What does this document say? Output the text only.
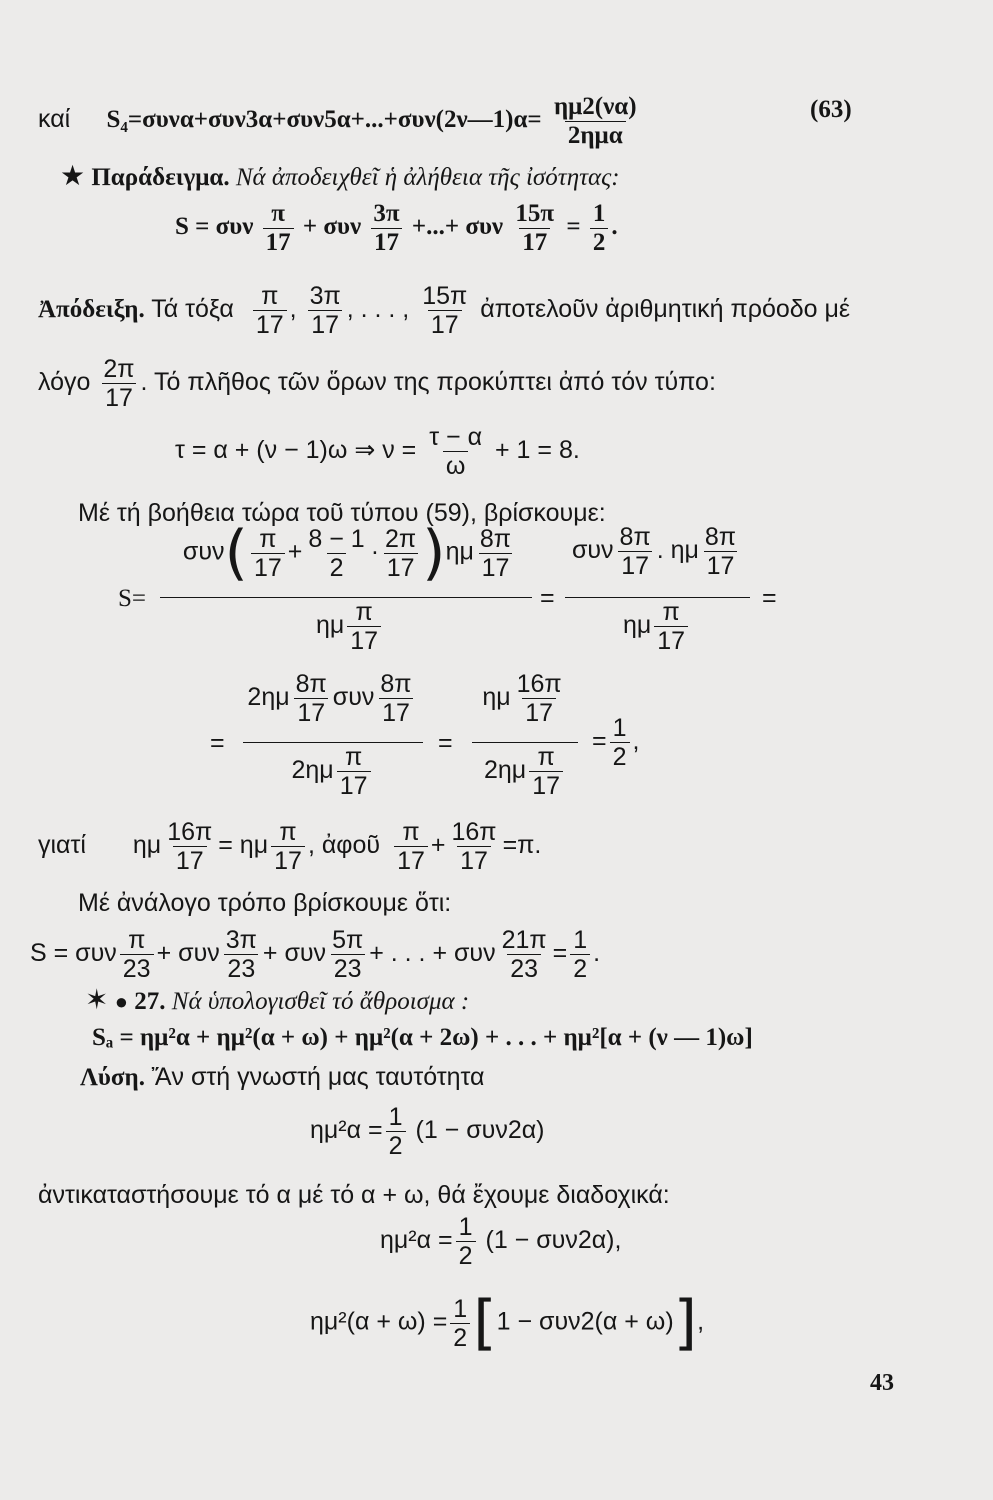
καί S₄=συνα+συν3α+συν5α+...+συν(2ν—1)α= ημ2(να)
2ημα
(63)
★ Παράδειγμα. Νά ἀποδειχθεῖ ἡ ἀλήθεια τῆς ἰσότητας:
S = συν $\frac{\pi}{17} + \sigma\upsilon\nu \frac{3\pi}{17}$ +...+ συν $\frac{15\pi}{17} = \frac{1}{2}$ .
Ἀπόδειξη. Τά τόξα $\frac{\pi}{17}$ , $\frac{3\pi}{17}$ , . . . , $\frac{15\pi}{17}$ ἀποτελοῦν ἀριθμητική πρόοδο μέ
λόγο $\frac{2\pi}{17}$ . Τό πλῆθος τῶν ὅρων της προκύπτει ἀπό τόν τύπο:
τ = α + (ν − 1)ω ⇒ $\nu = \frac{\tau - \alpha}{\omega} + 1 = 8$.
Μέ τή βοήθεια τώρα τοῦ τύπου (59), βρίσκουμε:
S=
$\sigma\upsilon\nu( \frac{\pi}{17} + \frac{8 - 1}{2} \cdot \frac{2\pi}{17} )\eta\mu \frac{8\pi}{17}$
ημ $\frac{\pi}{17}$	=
συν $\frac{8\pi}{17}$ . ημ $\frac{8\pi}{17}$
ημ $\frac{\pi}{17}$	=
=
$2\eta\mu \frac{8\pi}{17}$ συν $\frac{8\pi}{17}$
$2\eta\mu \frac{\pi}{17}$	=
ημ $\frac{16\pi}{17}$
$2\eta\mu \frac{\pi}{17}$
= $\frac{1}{2}$ ,
γιατί ημ $\frac{16\pi}{17} = \eta\mu \frac{\pi}{17}$ , ἀφοῦ $\frac{\pi}{17} + \frac{16\pi}{17} =\pi$.
Μέ ἀνάλογο τρόπο βρίσκουμε ὅτι:
S = συν $\frac{\pi}{23} + \sigma\upsilon\nu \frac{3\pi}{23} + \sigma\upsilon\nu \frac{5\pi}{23}$ + . . . + συν $\frac{21\pi}{23} = \frac{1}{2}$ .
✶ ● 27. Νά ὑπολογισθεῖ τό ἄθροισμα :
Sₐ = ημ²α + ημ²(α + ω) + ημ²(α + 2ω) + . . . + ημ²[α + (ν — 1)ω]
Λύση. Ἄν στή γνωστή μας ταυτότητα
$\eta\mu^2\alpha = \frac{1}{2} (1 - \sigma\upsilon\nu 2\alpha)$
ἀντικαταστήσουμε τό α μέ τό α + ω, θά ἔχουμε διαδοχικά:
$\eta\mu^2\alpha = \frac{1}{2} (1 - \sigma\upsilon\nu 2\alpha)$,
$\eta\mu^2(\alpha + \omega) = \frac{1}{2} [1 - \sigma\upsilon\nu 2(\alpha + \omega)]$,
43
